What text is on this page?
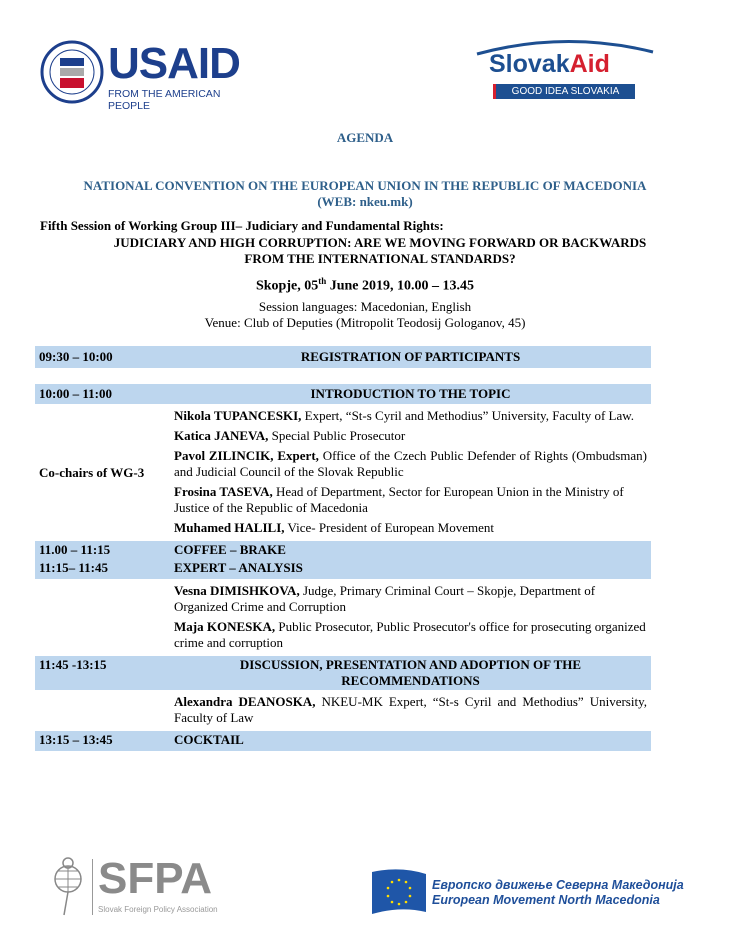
USAID
FROM THE AMERICAN PEOPLE
SlovakAid
GOOD IDEA SLOVAKIA
AGENDA
NATIONAL CONVENTION ON THE EUROPEAN UNION IN THE REPUBLIC OF MACEDONIA
(WEB: nkeu.mk)
Fifth Session of Working Group III– Judiciary and Fundamental Rights:
JUDICIARY AND HIGH CORRUPTION: ARE WE MOVING FORWARD OR BACKWARDS
FROM THE INTERNATIONAL STANDARDS?
Skopje, 05th June 2019, 10.00 – 13.45
Session languages: Macedonian, English
Venue: Club of Deputies (Mitropolit Teodosij Gologanov, 45)
09:30 – 10:00	REGISTRATION OF PARTICIPANTS

10:00 – 11:00	INTRODUCTION TO THE TOPIC
Co-chairs of WG-3	Nikola TUPANCESKI, Expert, “St-s Cyril and Methodius” University, Faculty of Law.
Katica JANEVA, Special Public Prosecutor
Pavol ZILINCIK, Expert, Office of the Czech Public Defender of Rights (Ombudsman) and Judicial Council of the Slovak Republic
Frosina TASEVA, Head of Department, Sector for European Union in the Ministry of Justice of the Republic of Macedonia
Muhamed HALILI, Vice- President of European Movement

11.00 – 11:15	COFFEE – BRAKE
11:15– 11:45	EXPERT – ANALYSIS

	Vesna DIMISHKOVA, Judge, Primary Criminal Court – Skopje, Department of Organized Crime and Corruption
Maja KONESKA, Public Prosecutor, Public Prosecutor's office for prosecuting organized crime and corruption

11:45 -13:15	DISCUSSION, PRESENTATION AND ADOPTION OF THE RECOMMENDATIONS

	Alexandra DEANOSKA, NKEU-MK Expert, “St-s Cyril and Methodius” University, Faculty of Law

13:15 – 13:45	COCKTAIL
SFPA
Slovak Foreign Policy Association
Европско движење Северна Македонија
European Movement North Macedonia
